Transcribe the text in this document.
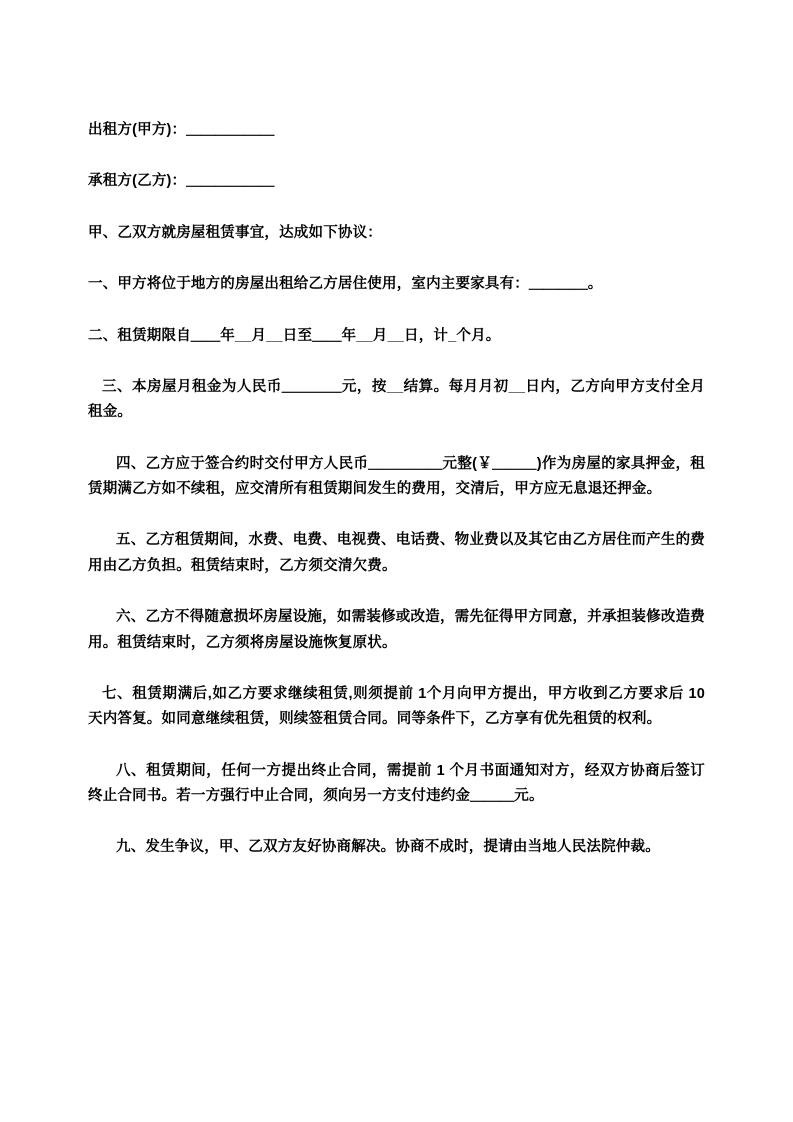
出租方(甲方)：＿＿＿＿＿＿

承租方(乙方)：＿＿＿＿＿＿

甲、乙双方就房屋租赁事宜，达成如下协议：

一、甲方将位于地方的房屋出租给乙方居住使用，室内主要家具有：＿＿＿＿。

二、租赁期限自＿＿年__月__日至＿＿年__月__日，计_个月。

三、本房屋月租金为人民币＿＿＿＿元，按__结算。每月月初__日内，乙方向甲方支付全月租金。

四、乙方应于签合约时交付甲方人民币＿＿＿＿＿元整(￥＿＿＿)作为房屋的家具押金，租赁期满乙方如不续租，应交清所有租赁期间发生的费用，交清后，甲方应无息退还押金。

五、乙方租赁期间，水费、电费、电视费、电话费、物业费以及其它由乙方居住而产生的费用由乙方负担。租赁结束时，乙方须交清欠费。

六、乙方不得随意损坏房屋设施，如需装修或改造，需先征得甲方同意，并承担装修改造费用。租赁结束时，乙方须将房屋设施恢复原状。

七、租赁期满后,如乙方要求继续租赁,则须提前 1个月向甲方提出，甲方收到乙方要求后 10 天内答复。如同意继续租赁，则续签租赁合同。同等条件下，乙方享有优先租赁的权利。

八、租赁期间，任何一方提出终止合同，需提前 1 个月书面通知对方，经双方协商后签订终止合同书。若一方强行中止合同，须向另一方支付违约金＿＿＿元。

九、发生争议，甲、乙双方友好协商解决。协商不成时，提请由当地人民法院仲裁。
